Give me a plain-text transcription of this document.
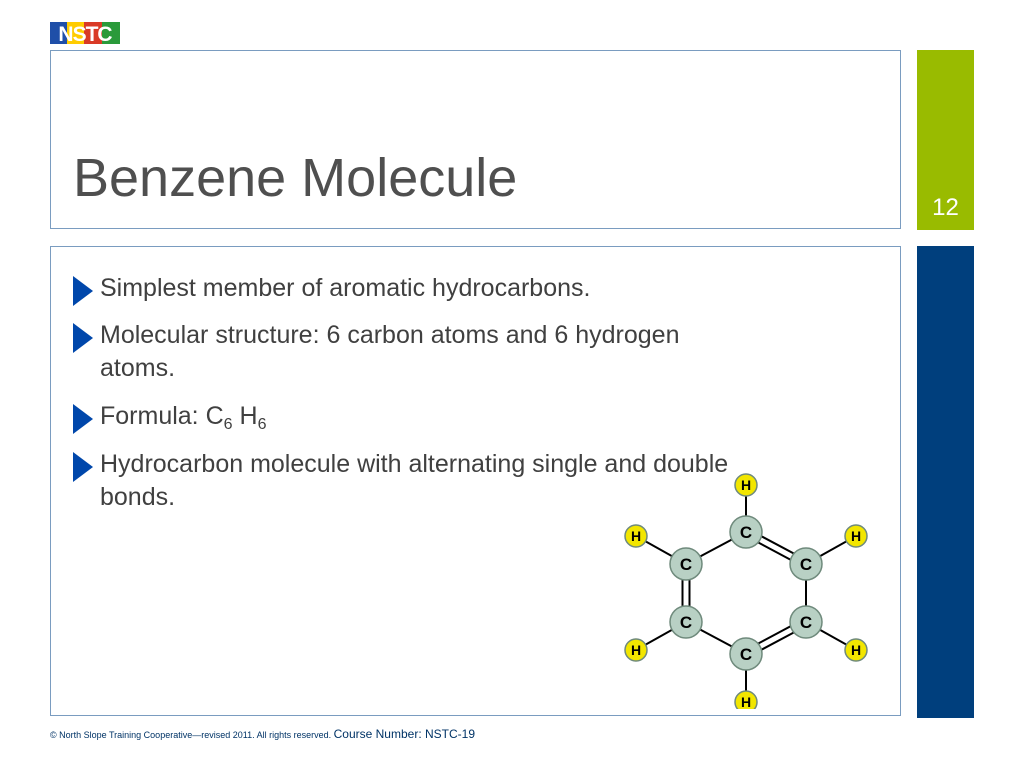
NSTC
Benzene Molecule	12
Simplest member of aromatic hydrocarbons.
Molecular structure: 6 carbon atoms and 6 hydrogen atoms.
Formula: $C_6$ $H_6$
Hydrocarbon molecule with alternating single and double bonds.
C
C
C
C
C
C
H
H
H
H
H
H
© North Slope Training Cooperative—revised 2011. All rights reserved. Course Number: NSTC-19
